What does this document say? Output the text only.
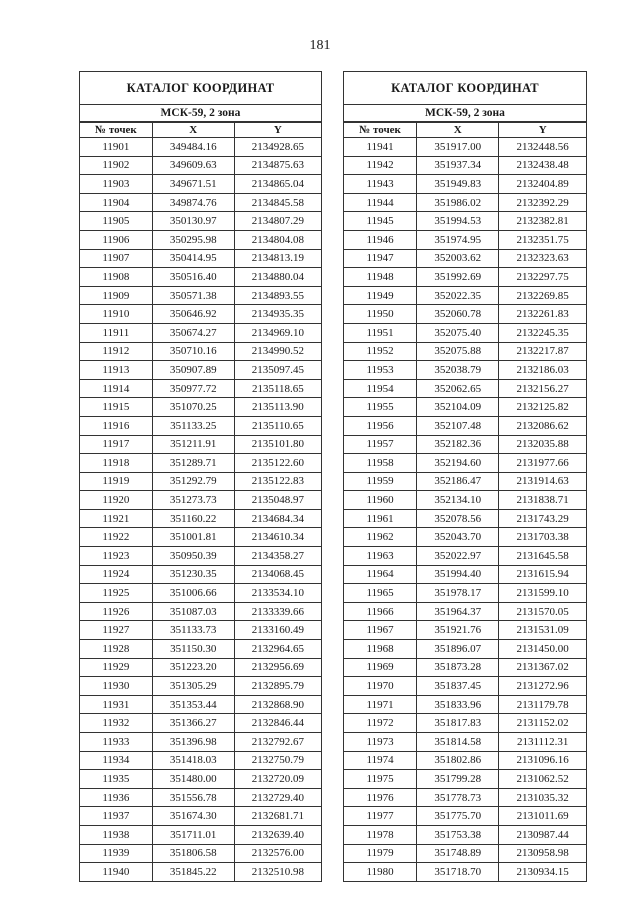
181
КАТАЛОГ КООРДИНАТ
МСК-59, 2 зона
№ точек	X	Y
11901	349484.16	2134928.65
11902	349609.63	2134875.63
11903	349671.51	2134865.04
11904	349874.76	2134845.58
11905	350130.97	2134807.29
11906	350295.98	2134804.08
11907	350414.95	2134813.19
11908	350516.40	2134880.04
11909	350571.38	2134893.55
11910	350646.92	2134935.35
11911	350674.27	2134969.10
11912	350710.16	2134990.52
11913	350907.89	2135097.45
11914	350977.72	2135118.65
11915	351070.25	2135113.90
11916	351133.25	2135110.65
11917	351211.91	2135101.80
11918	351289.71	2135122.60
11919	351292.79	2135122.83
11920	351273.73	2135048.97
11921	351160.22	2134684.34
11922	351001.81	2134610.34
11923	350950.39	2134358.27
11924	351230.35	2134068.45
11925	351006.66	2133534.10
11926	351087.03	2133339.66
11927	351133.73	2133160.49
11928	351150.30	2132964.65
11929	351223.20	2132956.69
11930	351305.29	2132895.79
11931	351353.44	2132868.90
11932	351366.27	2132846.44
11933	351396.98	2132792.67
11934	351418.03	2132750.79
11935	351480.00	2132720.09
11936	351556.78	2132729.40
11937	351674.30	2132681.71
11938	351711.01	2132639.40
11939	351806.58	2132576.00
11940	351845.22	2132510.98
КАТАЛОГ КООРДИНАТ
МСК-59, 2 зона
№ точек	X	Y
11941	351917.00	2132448.56
11942	351937.34	2132438.48
11943	351949.83	2132404.89
11944	351986.02	2132392.29
11945	351994.53	2132382.81
11946	351974.95	2132351.75
11947	352003.62	2132323.63
11948	351992.69	2132297.75
11949	352022.35	2132269.85
11950	352060.78	2132261.83
11951	352075.40	2132245.35
11952	352075.88	2132217.87
11953	352038.79	2132186.03
11954	352062.65	2132156.27
11955	352104.09	2132125.82
11956	352107.48	2132086.62
11957	352182.36	2132035.88
11958	352194.60	2131977.66
11959	352186.47	2131914.63
11960	352134.10	2131838.71
11961	352078.56	2131743.29
11962	352043.70	2131703.38
11963	352022.97	2131645.58
11964	351994.40	2131615.94
11965	351978.17	2131599.10
11966	351964.37	2131570.05
11967	351921.76	2131531.09
11968	351896.07	2131450.00
11969	351873.28	2131367.02
11970	351837.45	2131272.96
11971	351833.96	2131179.78
11972	351817.83	2131152.02
11973	351814.58	2131112.31
11974	351802.86	2131096.16
11975	351799.28	2131062.52
11976	351778.73	2131035.32
11977	351775.70	2131011.69
11978	351753.38	2130987.44
11979	351748.89	2130958.98
11980	351718.70	2130934.15
